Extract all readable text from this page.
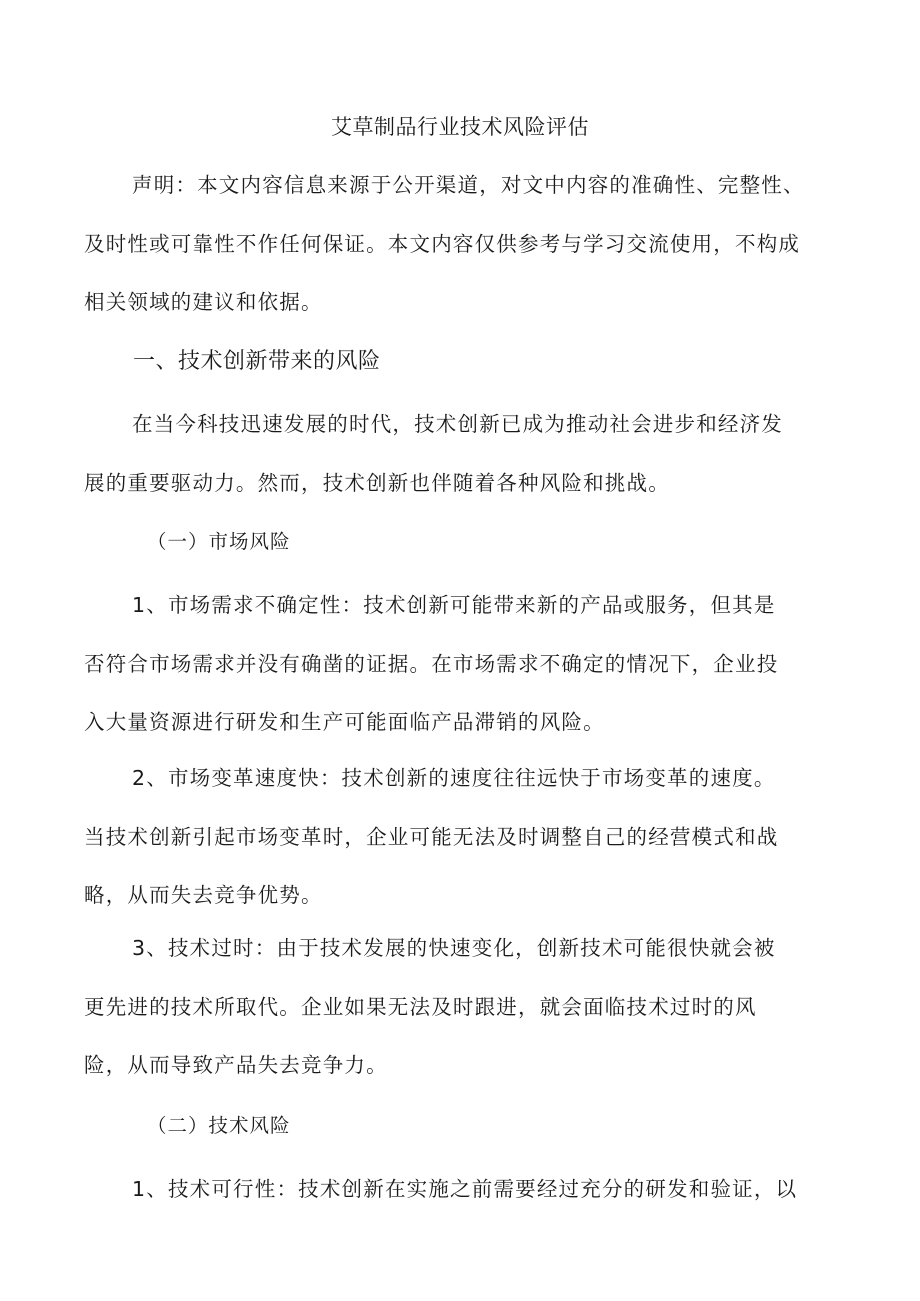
艾草制品行业技术风险评估
声明：本文内容信息来源于公开渠道，对文中内容的准确性、完整性、
及时性或可靠性不作任何保证。本文内容仅供参考与学习交流使用，不构成
相关领域的建议和依据。
一、技术创新带来的风险
在当今科技迅速发展的时代，技术创新已成为推动社会进步和经济发
展的重要驱动力。然而，技术创新也伴随着各种风险和挑战。
（一）市场风险
1、市场需求不确定性：技术创新可能带来新的产品或服务，但其是
否符合市场需求并没有确凿的证据。在市场需求不确定的情况下，企业投
入大量资源进行研发和生产可能面临产品滞销的风险。
2、市场变革速度快：技术创新的速度往往远快于市场变革的速度。
当技术创新引起市场变革时，企业可能无法及时调整自己的经营模式和战
略，从而失去竞争优势。
3、技术过时：由于技术发展的快速变化，创新技术可能很快就会被
更先进的技术所取代。企业如果无法及时跟进，就会面临技术过时的风
险，从而导致产品失去竞争力。
（二）技术风险
1、技术可行性：技术创新在实施之前需要经过充分的研发和验证，以
